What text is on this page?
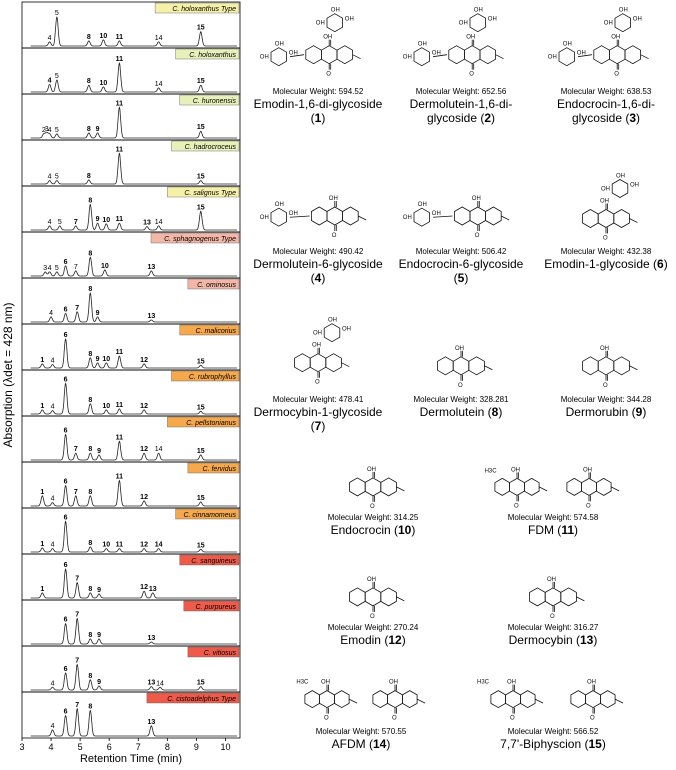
5
4	8 10 11	14
15
C. holoxanthus Type
4
5
8 10
11
14	15
C. holoxanthus
2 3 4 5	8 9
11
15
C. huronensis
4 5	8
11
15
C. hadrocroceus
4 5 7
8
9 10 11	13 14
15
C. salignus Type
3 4 5
6
7
8
10	13
C. sphagnogenus Type
4 6 7
8
9	13
C. ominosus
1 4
6
8
9 10
11
12	15
C. malicorius
1 4
6
8
10 11 12	15
C. rubrophyllus
6
7 8 9
11
12 14	15
C. pellstonianus
1
4
6
7 8
11
12	15
C. fervidus
1 4
6
8 10 11 12 14	15
C. cinnamomeus
1
6
7
8 9	12 13
C. sanguineus
6
7
8 9	13
C. purpureus
4
6
7
8
9	13 14	15
C. vitiosus
4
6
7 8
13
C. cistoadelphus Type
3	4	5	6	7	8	9 10
Retention Time (min)
Absorption (λdet = 428 nm)
OH
O
OH
OH
OH
OH
OH
OH
Molecular Weight: 594.52
Emodin-1,6-di-glycoside (1)
OH
O
OH
OH
OH
OH
OH
OH
Molecular Weight: 652.56
Dermolutein-1,6-di-glycoside (2)
OH
O
OH
OH
OH
OH
OH
OH
Molecular Weight: 638.53
Endocrocin-1,6-di-glycoside (3)
OH
O
OH
OH
OH
Molecular Weight: 490.42
Dermolutein-6-glycoside (4)
OH
O
OH
OH
OH
Molecular Weight: 506.42
Endocrocin-6-glycoside (5)
OH
O
OH
OH
OH
Molecular Weight: 432.38
Emodin-1-glycoside (6)
OH
O
OH
OH
OH
Molecular Weight: 478.41
Dermocybin-1-glycoside (7)
OH
O
Molecular Weight: 328.281
Dermolutein (8)
OH
O
Molecular Weight: 344.28
Dermorubin (9)
OH
O
Molecular Weight: 314.25
Endocrocin (10)
OH
O
OH
O
H3C
Molecular Weight: 574.58
FDM (11)
OH
O
Molecular Weight: 270.24
Emodin (12)
OH
O
Molecular Weight: 316.27
Dermocybin (13)
OH
O
OH
O
H3C
Molecular Weight: 570.55
AFDM (14)
OH
O
OH
O
H3C
Molecular Weight: 566.52
7,7'-Biphyscion (15)
